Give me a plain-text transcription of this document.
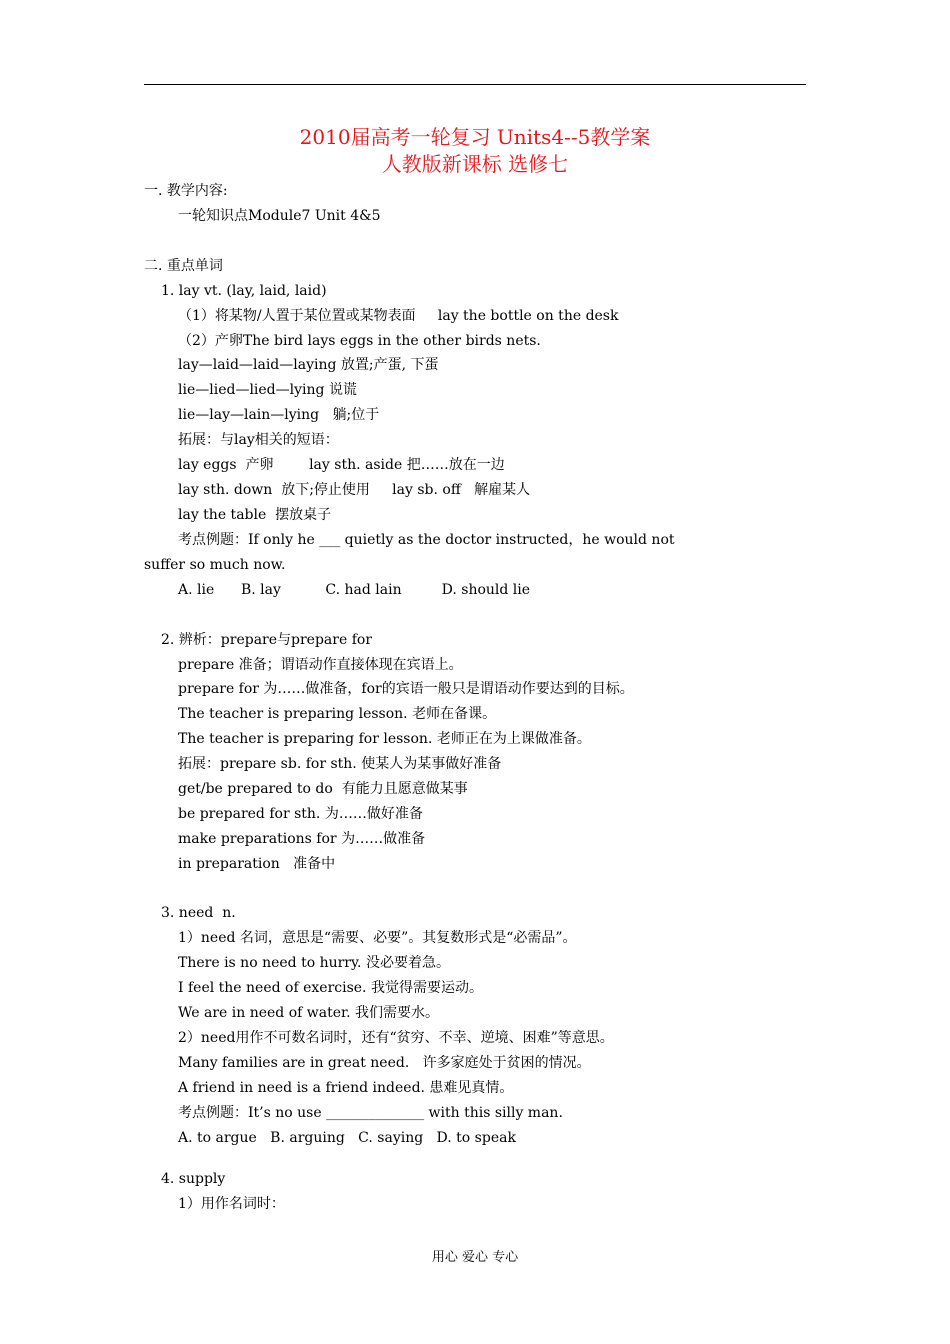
2010届高考一轮复习 Units4--5教学案
人教版新课标 选修七
一. 教学内容:
一轮知识点Module7 Unit 4&5
二. 重点单词
1. lay vt. (lay, laid, laid)
（1）将某物/人置于某位置或某物表面     lay the bottle on the desk
（2）产卵The bird lays eggs in the other birds nets.
lay—laid—laid—laying 放置;产蛋, 下蛋
lie—lied—lied—lying 说谎
lie—lay—lain—lying   躺;位于
拓展：与lay相关的短语：
lay eggs  产卵        lay sth. aside 把……放在一边
lay sth. down  放下;停止使用     lay sb. off   解雇某人
lay the table  摆放桌子
考点例题：If only he ___ quietly as the doctor instructed，he would not
suffer so much now.
A. lie      B. lay          C. had lain         D. should lie
2. 辨析：prepare与prepare for
prepare 准备；谓语动作直接体现在宾语上。
prepare for 为……做准备，for的宾语一般只是谓语动作要达到的目标。
The teacher is preparing lesson. 老师在备课。
The teacher is preparing for lesson. 老师正在为上课做准备。
拓展：prepare sb. for sth. 使某人为某事做好准备
get/be prepared to do  有能力且愿意做某事
be prepared for sth. 为……做好准备
make preparations for 为……做准备
in preparation   准备中
3. need  n.
1）need 名词，意思是“需要、必要”。其复数形式是“必需品”。
There is no need to hurry. 没必要着急。
I feel the need of exercise. 我觉得需要运动。
We are in need of water. 我们需要水。
2）need用作不可数名词时，还有“贫穷、不幸、逆境、困难”等意思。
Many families are in great need.   许多家庭处于贫困的情况。
A friend in need is a friend indeed. 患难见真情。
考点例题：It’s no use ______________ with this silly man.
A. to argue   B. arguing   C. saying   D. to speak
4. supply
1）用作名词时：
用心 爱心 专心
